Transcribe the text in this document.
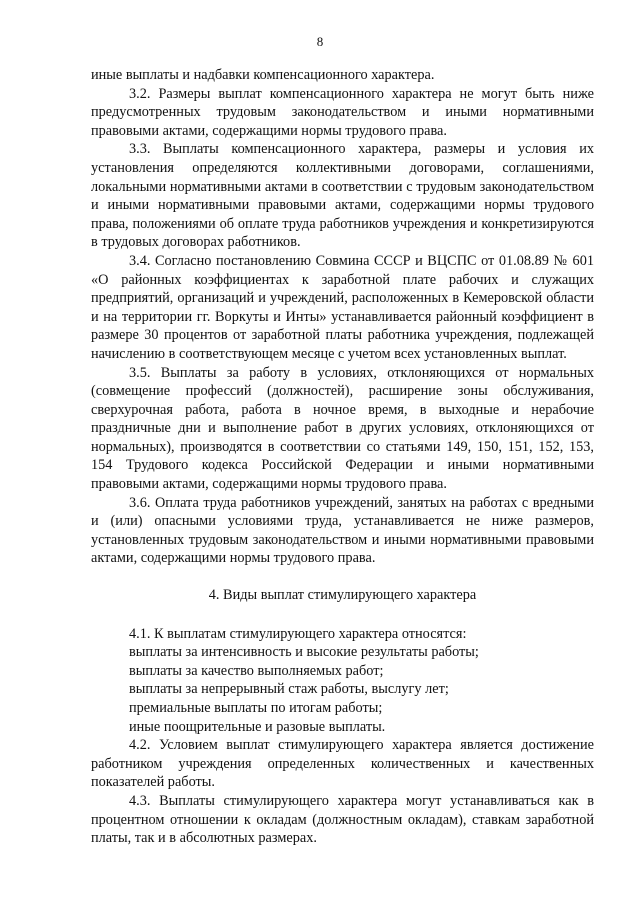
8

иные выплаты и надбавки компенсационного характера.

3.2. Размеры выплат компенсационного характера не могут быть ниже предусмотренных трудовым законодательством и иными нормативными правовыми актами, содержащими нормы трудового права.

3.3. Выплаты компенсационного характера, размеры и условия их установления определяются коллективными договорами, соглашениями, локальными нормативными актами в соответствии с трудовым законодательством и иными нормативными правовыми актами, содержащими нормы трудового права, положениями об оплате труда работников учреждения и конкретизируются в трудовых договорах работников.

3.4. Согласно постановлению Совмина СССР и ВЦСПС от 01.08.89 № 601 «О районных коэффициентах к заработной плате рабочих и служащих предприятий, организаций и учреждений, расположенных в Кемеровской области и на территории гг. Воркуты и Инты» устанавливается районный коэффициент в размере 30 процентов от заработной платы работника учреждения, подлежащей начислению в соответствующем месяце с учетом всех установленных выплат.

3.5. Выплаты за работу в условиях, отклоняющихся от нормальных (совмещение профессий (должностей), расширение зоны обслуживания, сверхурочная работа, работа в ночное время, в выходные и нерабочие праздничные дни и выполнение работ в других условиях, отклоняющихся от нормальных), производятся в соответствии со статьями 149, 150, 151, 152, 153, 154 Трудового кодекса Российской Федерации и иными нормативными правовыми актами, содержащими нормы трудового права.

3.6. Оплата труда работников учреждений, занятых на работах с вредными и (или) опасными условиями труда, устанавливается не ниже размеров, установленных трудовым законодательством и иными нормативными правовыми актами, содержащими нормы трудового права.

4. Виды выплат стимулирующего характера

4.1. К выплатам стимулирующего характера относятся:

выплаты за интенсивность и высокие результаты работы;

выплаты за качество выполняемых работ;

выплаты за непрерывный стаж работы, выслугу лет;

премиальные выплаты по итогам работы;

иные поощрительные и разовые выплаты.

4.2. Условием выплат стимулирующего характера является достижение работником учреждения определенных количественных и качественных показателей работы.

4.3. Выплаты стимулирующего характера могут устанавливаться как в процентном отношении к окладам (должностным окладам), ставкам заработной платы, так и в абсолютных размерах.
